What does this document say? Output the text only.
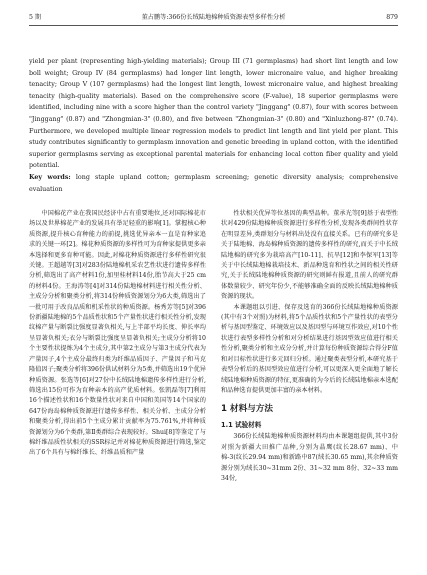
5 期	董占鹏等:366份长绒陆地棉种质资源表型多样性分析	879

yield per plant (representing high-yielding materials); Group III (71 germplasms) had short lint length and low boll weight; Group IV (84 germplasms) had longer lint length, lower micronaire value, and higher breaking tenacity; Group V (107 germplasms) had the longest lint length, lowest micronaire value, and highest breaking tenacity (high-quality materials). Based on the comprehensive score (F-value), 18 superior germplasms were identified, including nine with a score higher than the control variety "Jinggang" (0.87), four with scores between "Jinggang" (0.87) and "Zhongmian-3" (0.80), and five between "Zhongmian-3" (0.80) and "Xinluzhong-87" (0.74). Furthermore, we developed multiple linear regression models to predict lint length and lint yield per plant. This study contributes significantly to germplasm innovation and genetic breeding in upland cotton, with the identified superior germplasms serving as exceptional parental materials for enhancing local cotton fiber quality and yield potential.

Key words: long staple upland cotton; germplasm screening; genetic diversity analysis; comprehensive evaluation

中国棉花产业在我国民经济中占有重要地位,还对国际棉花市场以及世界棉花产业的发展具有举足轻重的影响[1]。掌握核心种质资源,提升核心育种能力的前提,挑选优异亲本一直是育种家追求的关键一环[2]。棉花种质资源的多样性可为育种家提供更多亲本选择和更多育种可能。因此,对棉花种质资源进行多样性研究很关键。王超越等[3]对283份陆地棉机采农艺性状进行遗传多样性分析,筛选出了高产材料1份,加里桂材料14份,胎节高大于25 cm的材料4份。王海涛等[4]对314份陆地棉材料进行相关性分析、主成分分析和聚类分析,将314份种质资源划分为6大类,筛选出了一批可用于改良品质和机采性状的种质资源。杨秀芳等[5]对396份新疆陆地棉的5个品质性状和5个产量性状进行相关性分析,发现纹棉产量与断裂比强度显著负相关,与上半部平均长度、伸长率均呈显著负相关;衣分与断裂比强度呈显著负相关;主成分分析将10个主要性状提炼为4个主成分,其中第2主成分与第3主成分代表为产量因子,4个主成分最终归类为纤维品质因子、产量因子和马克隆值因子;聚类分析将396份供试材料分为5类,并筛选出19个优异种质资源。张选等[6]对27份中长绒陆地棉遗传多样性进行分析,筛选出15份可作为育种亲本的高产优质材料。张凯磊等[7]利用16个描述性状和16个数量性状对来自中国和美国等14个国家的647份海岛棉种质资源进行遗传多样性、相关分析、主成分分析和聚类分析,得出前5个主成分累计贡献率为75.761%,并将种质资源划分为6个类群,第Ⅱ类群综合表现较好。Shui[8]等鉴定了与棉纤维品质性状相关的SSR标记并对棉花种质资源进行筛选,鉴定出了6个具有与棉纤维长、纤维品质和产量

性状相关优异等位基因的典型品种。董承光等[9]基于表型性状对429份陆地棉种质资源进行多样性分析,发现各类群间性状存在明显差异,类群划分与材料出处没有直接关系。已有的研究多是关于陆地棉、海岛棉种质资源的遗传多样性的研究,而关于中长绒陆地棉的研究多为栽培高产[10-11]、抗旱[12]和李保军[13]等关于中长绒陆地棉栽培技术、新品种选育和性状之间的相关性研究,关于长绒陆地棉种质资源的研究则鲜有报道,且前人的研究群体数量较少、研究年份少,不能够准确全面的反映长绒陆地棉种质资源的现状。

本课题组以引进、保存及选育的366份长绒陆地棉种质资源(其中有3个对照)为材料,将5个品质性状和5个产量性状的表型分析与基因型鉴定、环境效应以及基因型与环境互作效应,对10个性状进行表型多样性分析和对分析结果进行基因型效应值进行相关性分析,聚类分析和主成分分析,并计算每份种质资源综合得分F值和对目标性状进行多元回归分析。通过聚类表型分析,本研究基于表型分析后的基因型效应值进行分析,可以更深入更全面地了解长绒陆地棉种质资源的特征,更准确的为今后的长绒陆地棉亲本选配和品种选育提供更加丰富的亲本材料。

1 材料与方法
1.1 试验材料

366份长绒陆地棉种质资源材料均由本课题组提供,其中3份对照为新疆大田推广品种,分别为晶鹰(纹长28.67 mm)、中棉-3(纹长29.94 mm)和新路中87(绒长30.65 mm),其余种质资源分别为绒长30~31mm 2份、31~32 mm 8份、32~33 mm 34份,
